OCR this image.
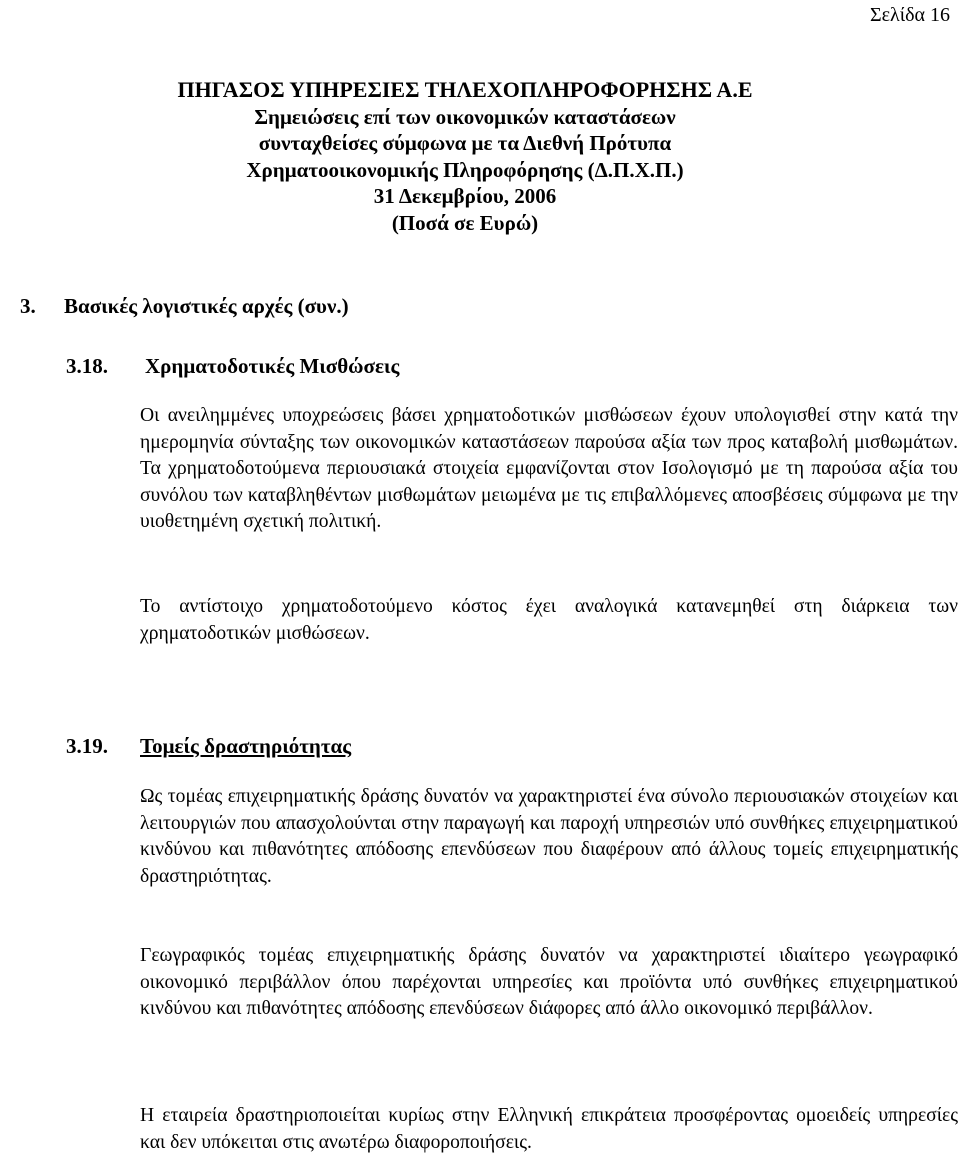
Σελίδα 16
ΠΗΓΑΣΟΣ ΥΠΗΡΕΣΙΕΣ ΤΗΛΕΧΟΠΛΗΡΟΦΟΡΗΣΗΣ Α.Ε
Σημειώσεις επί των οικονομικών καταστάσεων
συνταχθείσες σύμφωνα με τα Διεθνή Πρότυπα
Χρηματοοικονομικής Πληροφόρησης (Δ.Π.Χ.Π.)
31 Δεκεμβρίου, 2006
(Ποσά σε Ευρώ)
3. Βασικές λογιστικές αρχές (συν.)
3.18. Χρηματοδοτικές Μισθώσεις
Οι ανειλημμένες υποχρεώσεις βάσει χρηματοδοτικών μισθώσεων έχουν υπολογισθεί στην κατά την ημερομηνία σύνταξης των οικονομικών καταστάσεων παρούσα αξία των προς καταβολή μισθωμάτων. Τα χρηματοδοτούμενα περιουσιακά στοιχεία εμφανίζονται στον Ισολογισμό με τη παρούσα αξία του συνόλου των καταβληθέντων μισθωμάτων μειωμένα με τις επιβαλλόμενες αποσβέσεις σύμφωνα με την υιοθετημένη σχετική πολιτική.
Το αντίστοιχο χρηματοδοτούμενο κόστος έχει αναλογικά κατανεμηθεί στη διάρκεια των χρηματοδοτικών μισθώσεων.
3.19. Τομείς δραστηριότητας
Ως τομέας επιχειρηματικής δράσης δυνατόν να χαρακτηριστεί ένα σύνολο περιουσιακών στοιχείων και λειτουργιών που απασχολούνται στην παραγωγή και παροχή υπηρεσιών υπό συνθήκες επιχειρηματικού κινδύνου και πιθανότητες απόδοσης επενδύσεων που διαφέρουν από άλλους τομείς επιχειρηματικής δραστηριότητας.
Γεωγραφικός τομέας επιχειρηματικής δράσης δυνατόν να χαρακτηριστεί ιδιαίτερο γεωγραφικό οικονομικό περιβάλλον όπου παρέχονται υπηρεσίες και προϊόντα υπό συνθήκες επιχειρηματικού κινδύνου και πιθανότητες απόδοσης επενδύσεων διάφορες από άλλο οικονομικό περιβάλλον.
Η εταιρεία δραστηριοποιείται κυρίως στην Ελληνική επικράτεια προσφέροντας ομοειδείς υπηρεσίες και δεν υπόκειται στις ανωτέρω διαφοροποιήσεις.
